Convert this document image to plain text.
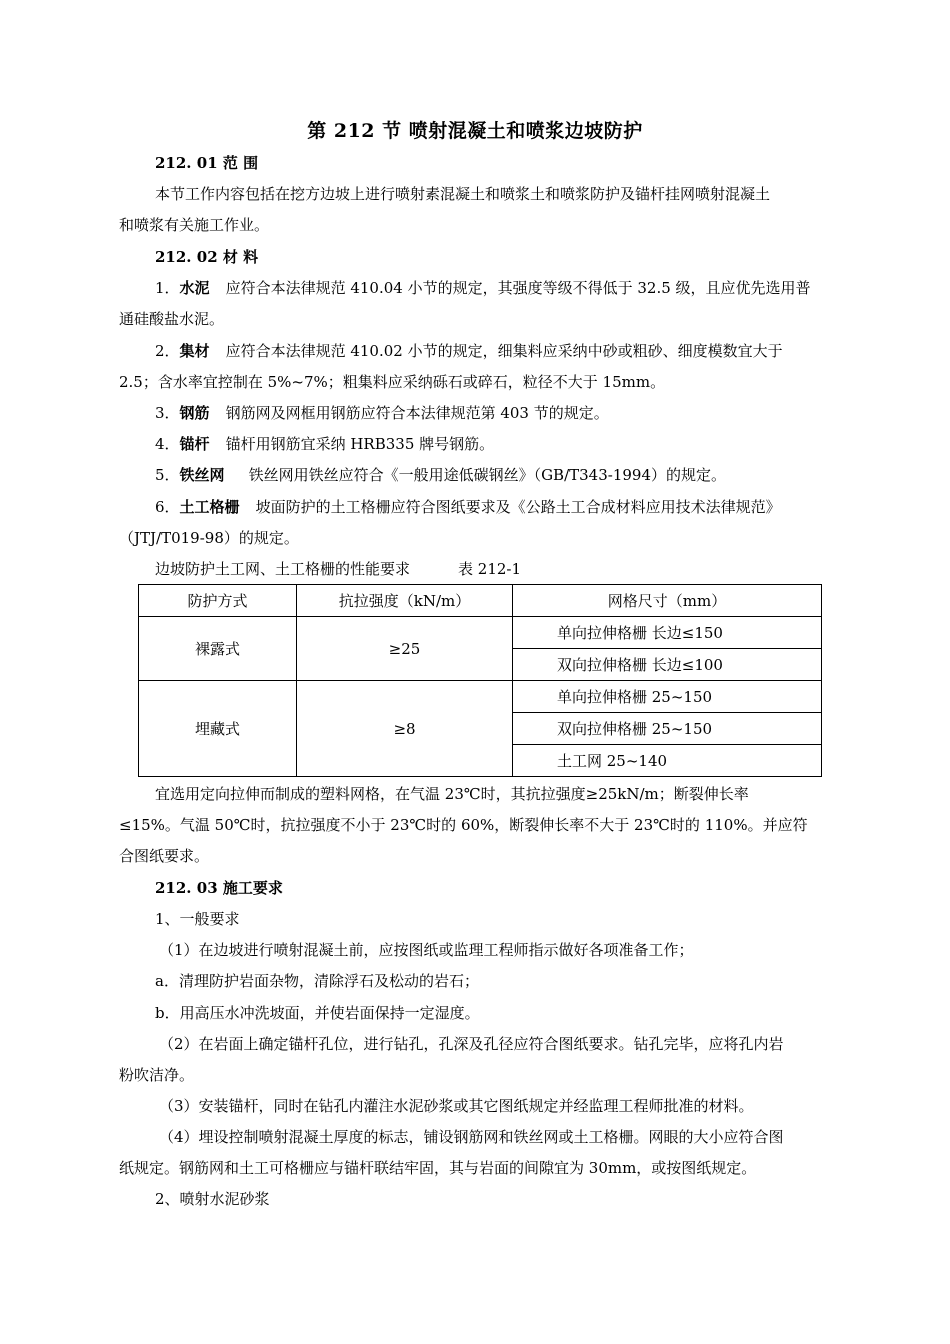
第 212 节 喷射混凝土和喷浆边坡防护
212. 01 范 围
本节工作内容包括在挖方边坡上进行喷射素混凝土和喷浆土和喷浆防护及锚杆挂网喷射混凝土
和喷浆有关施工作业。
212. 02 材 料
1．水泥 应符合本法律规范 410.04 小节的规定，其强度等级不得低于 32.5 级，且应优先选用普
通硅酸盐水泥。
2．集材 应符合本法律规范 410.02 小节的规定，细集料应采纳中砂或粗砂、细度模数宜大于
2.5；含水率宜控制在 5%~7%；粗集料应采纳砾石或碎石，粒径不大于 15mm。
3．钢筋 钢筋网及网框用钢筋应符合本法律规范第 403 节的规定。
4．锚杆 锚杆用钢筋宜采纳 HRB335 牌号钢筋。
5．铁丝网 铁丝网用铁丝应符合《一般用途低碳钢丝》（GB/T343-1994）的规定。
6．土工格栅 坡面防护的土工格栅应符合图纸要求及《公路土工合成材料应用技术法律规范》
（JTJ/T019-98）的规定。
边坡防护土工网、土工格栅的性能要求	表 212-1
防护方式	抗拉强度（kN/m）	网格尺寸（mm）
裸露式	≥25	单向拉伸格栅 长边≤150
		双向拉伸格栅 长边≤100
埋藏式	≥8	单向拉伸格栅 25~150
		双向拉伸格栅 25~150
		土工网 25~140
宜选用定向拉伸而制成的塑料网格，在气温 23℃时，其抗拉强度≥25kN/m；断裂伸长率
≤15%。气温 50℃时，抗拉强度不小于 23℃时的 60%，断裂伸长率不大于 23℃时的 110%。并应符
合图纸要求。
212. 03 施工要求
1、一般要求
（1）在边坡进行喷射混凝土前，应按图纸或监理工程师指示做好各项准备工作；
a．清理防护岩面杂物，清除浮石及松动的岩石；
b．用高压水冲洗坡面，并使岩面保持一定湿度。
（2）在岩面上确定锚杆孔位，进行钻孔，孔深及孔径应符合图纸要求。钻孔完毕，应将孔内岩
粉吹洁净。
（3）安装锚杆，同时在钻孔内灌注水泥砂浆或其它图纸规定并经监理工程师批准的材料。
（4）埋设控制喷射混凝土厚度的标志，铺设钢筋网和铁丝网或土工格栅。网眼的大小应符合图
纸规定。钢筋网和土工可格栅应与锚杆联结牢固，其与岩面的间隙宜为 30mm，或按图纸规定。
2、喷射水泥砂浆
